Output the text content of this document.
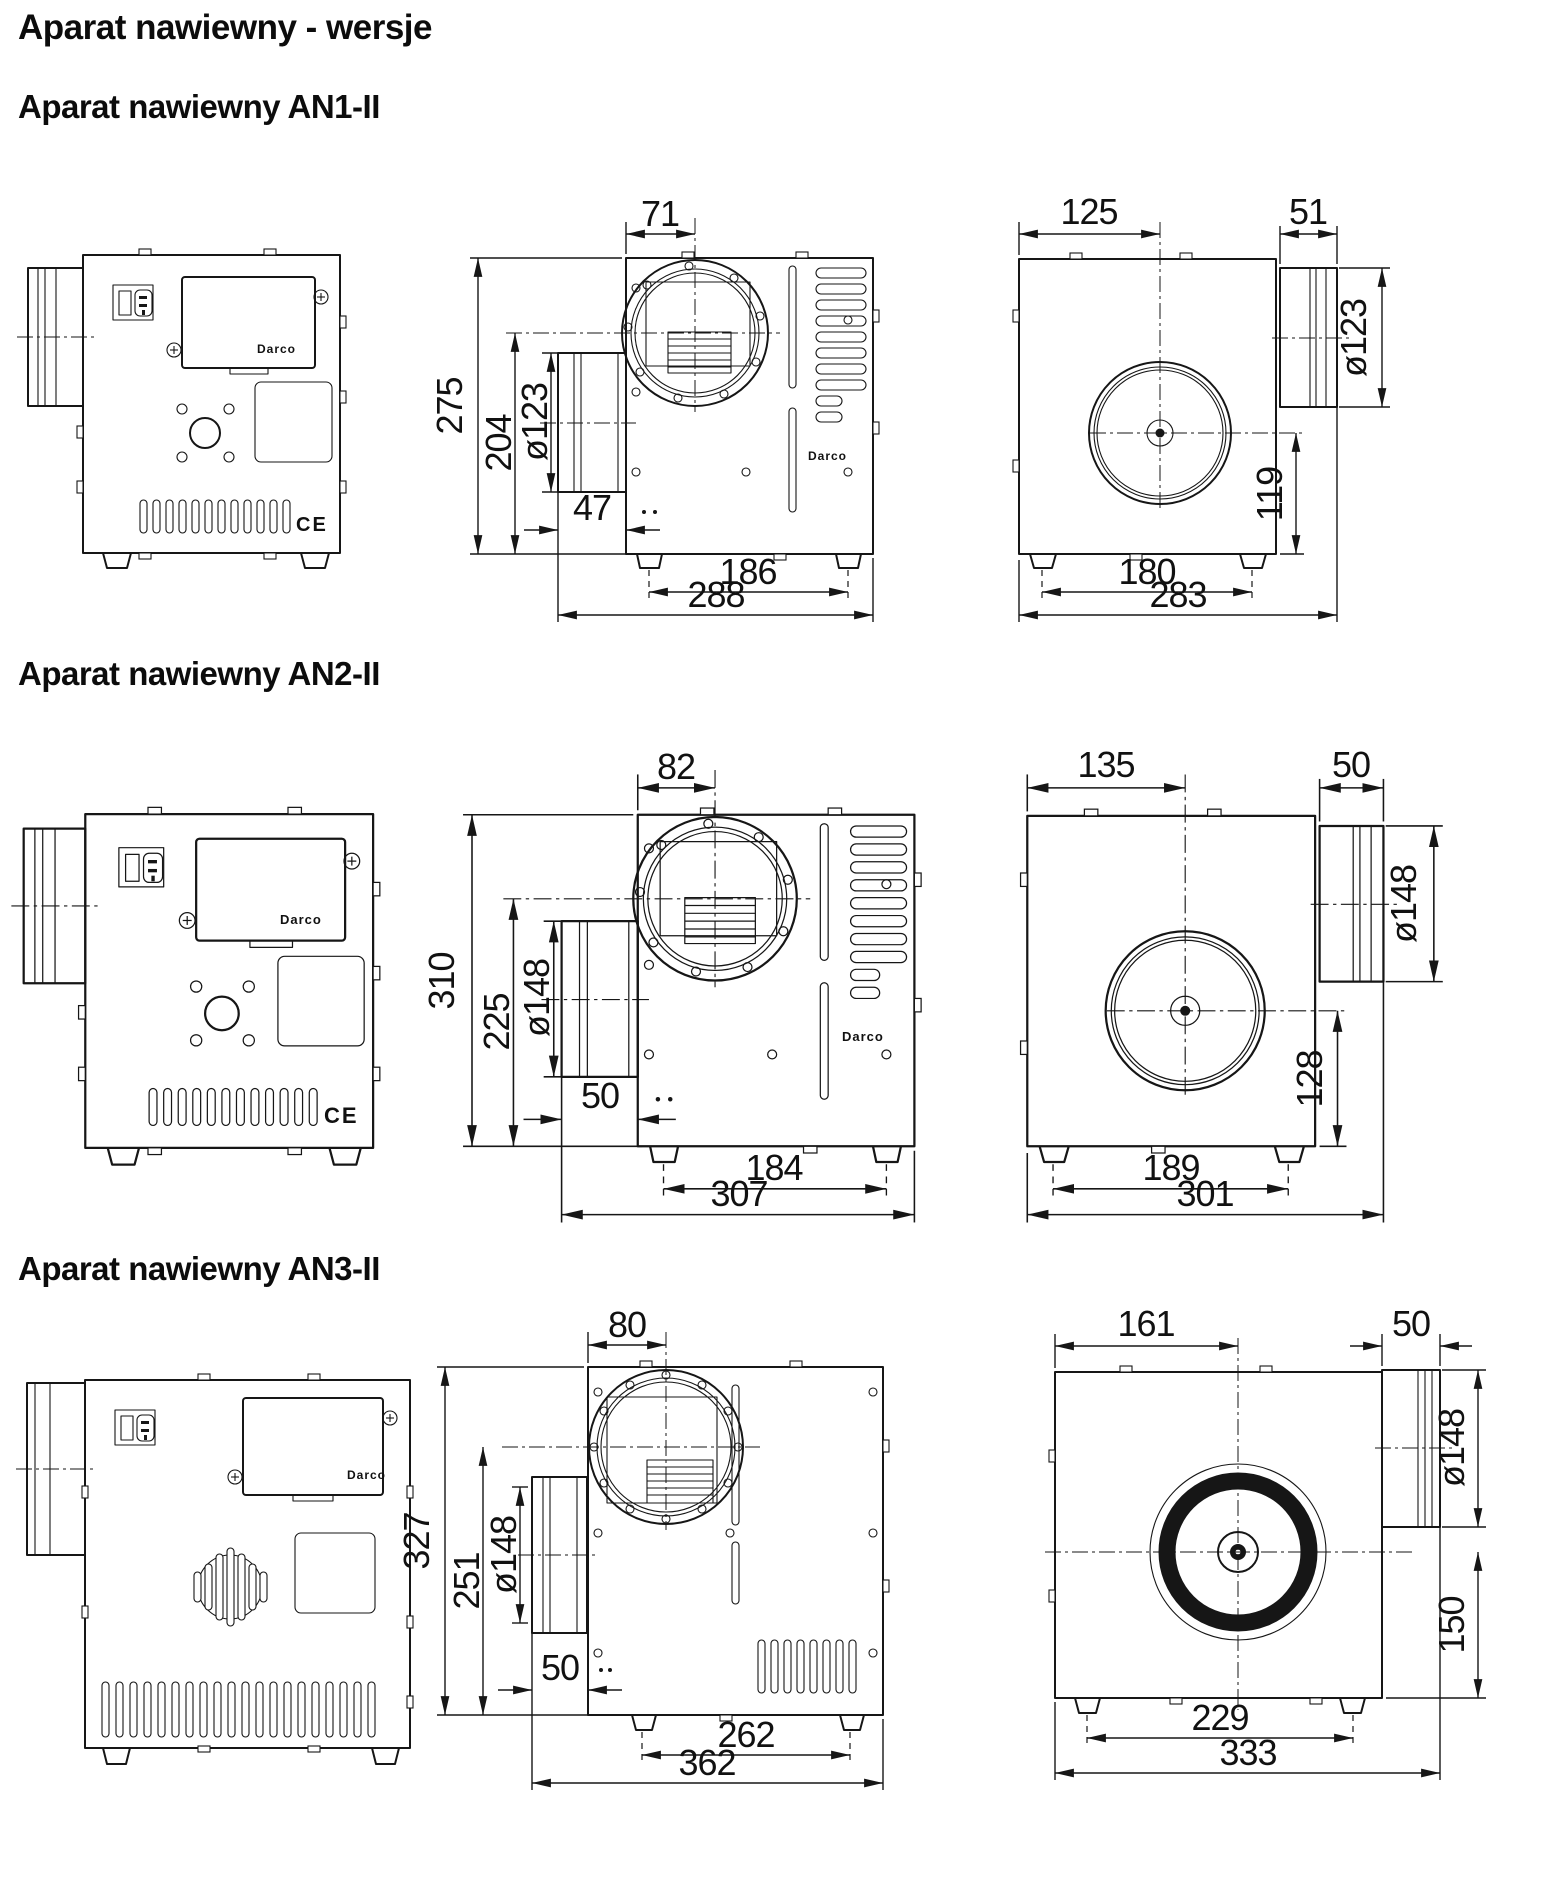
Aparat nawiewny - wersje
Aparat nawiewny AN1-II
Darco
CE
71
275
204
ø123
47
186
288
Darco
125	51
ø123
119
180
283
Aparat nawiewny AN2-II
Darco
CE
82
310
225 ø148
50
184
307
Darco
135	50
ø148
128
189
301
Aparat nawiewny AN3-II
Darco
80
327
251
ø148
50
262
362
161	50
ø148
150
229
333
